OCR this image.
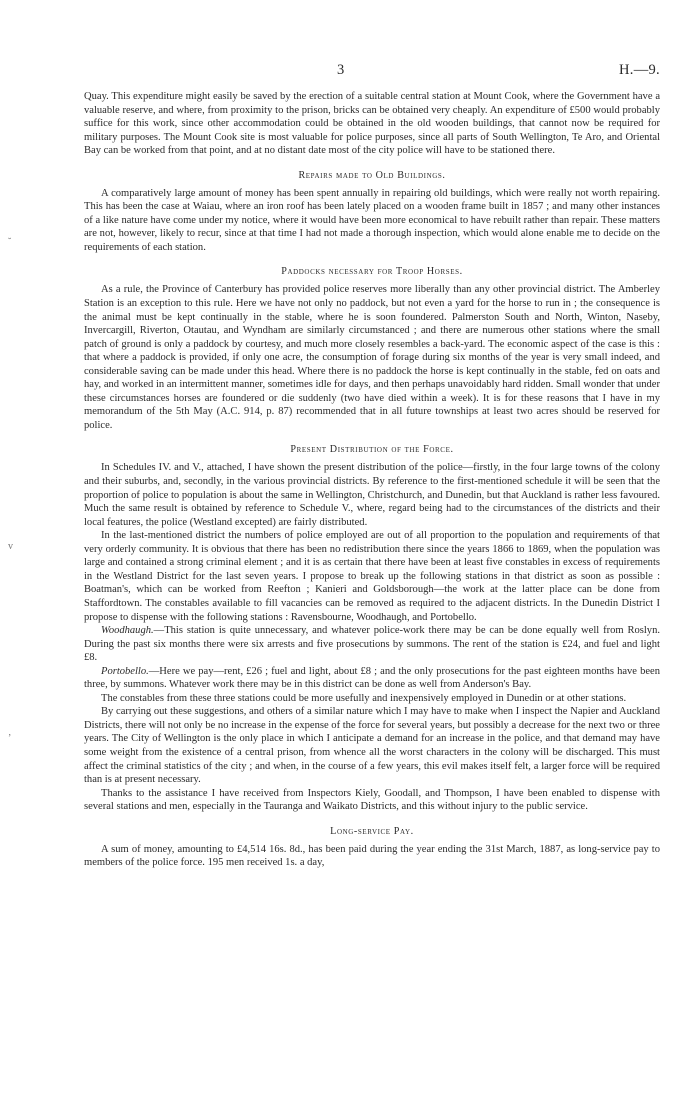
3	H.—9.

Quay. This expenditure might easily be saved by the erection of a suitable central station at Mount Cook, where the Government have a valuable reserve, and where, from proximity to the prison, bricks can be obtained very cheaply. An expenditure of £500 would probably suffice for this work, since other accommodation could be obtained in the old wooden buildings, that cannot now be required for military purposes. The Mount Cook site is most valuable for police purposes, since all parts of South Wellington, Te Aro, and Oriental Bay can be worked from that point, and at no distant date most of the city police will have to be stationed there.

Repairs made to Old Buildings.

A comparatively large amount of money has been spent annually in repairing old buildings, which were really not worth repairing. This has been the case at Waiau, where an iron roof has been lately placed on a wooden frame built in 1857 ; and many other instances of a like nature have come under my notice, where it would have been more economical to have rebuilt rather than repair. These matters are not, however, likely to recur, since at that time I had not made a thorough inspection, which would alone enable me to decide on the requirements of each station.

Paddocks necessary for Troop Horses.

As a rule, the Province of Canterbury has provided police reserves more liberally than any other provincial district. The Amberley Station is an exception to this rule. Here we have not only no paddock, but not even a yard for the horse to run in ; the consequence is the animal must be kept continually in the stable, where he is soon foundered. Palmerston South and North, Winton, Naseby, Invercargill, Riverton, Otautau, and Wyndham are similarly circumstanced ; and there are numerous other stations where the small patch of ground is only a paddock by courtesy, and much more closely resembles a back-yard. The economic aspect of the case is this : that where a paddock is provided, if only one acre, the consumption of forage during six months of the year is very small indeed, and considerable saving can be made under this head. Where there is no paddock the horse is kept continually in the stable, fed on oats and hay, and worked in an intermittent manner, sometimes idle for days, and then perhaps unavoidably hard ridden. Small wonder that under these circumstances horses are foundered or die suddenly (two have died within a week). It is for these reasons that I have in my memorandum of the 5th May (A.C. 914, p. 87) recommended that in all future townships at least two acres should be reserved for police.

Present Distribution of the Force.

In Schedules IV. and V., attached, I have shown the present distribution of the police—firstly, in the four large towns of the colony and their suburbs, and, secondly, in the various provincial districts. By reference to the first-mentioned schedule it will be seen that the proportion of police to population is about the same in Wellington, Christchurch, and Dunedin, but that Auckland is rather less favoured. Much the same result is obtained by reference to Schedule V., where, regard being had to the circumstances of the districts and their local features, the police (Westland excepted) are fairly distributed.

In the last-mentioned district the numbers of police employed are out of all proportion to the population and requirements of that very orderly community. It is obvious that there has been no redistribution there since the years 1866 to 1869, when the population was large and contained a strong criminal element ; and it is as certain that there have been at least five constables in excess of requirements in the Westland District for the last seven years. I propose to break up the following stations in that district as soon as possible : Boatman's, which can be worked from Reefton ; Kanieri and Goldsborough—the work at the latter place can be done from Staffordtown. The constables available to fill vacancies can be removed as required to the adjacent districts. In the Dunedin District I propose to dispense with the following stations : Ravensbourne, Woodhaugh, and Portobello.

Woodhaugh.—This station is quite unnecessary, and whatever police-work there may be can be done equally well from Roslyn. During the past six months there were six arrests and five prosecutions by summons. The rent of the station is £24, and fuel and light £8.

Portobello.—Here we pay—rent, £26 ; fuel and light, about £8 ; and the only prosecutions for the past eighteen months have been three, by summons. Whatever work there may be in this district can be done as well from Anderson's Bay.

The constables from these three stations could be more usefully and inexpensively employed in Dunedin or at other stations.

By carrying out these suggestions, and others of a similar nature which I may have to make when I inspect the Napier and Auckland Districts, there will not only be no increase in the expense of the force for several years, but possibly a decrease for the next two or three years. The City of Wellington is the only place in which I anticipate a demand for an increase in the police, and that demand may have some weight from the existence of a central prison, from whence all the worst characters in the colony will be discharged. This must affect the criminal statistics of the city ; and when, in the course of a few years, this evil makes itself felt, a larger force will be required than is at present necessary.

Thanks to the assistance I have received from Inspectors Kiely, Goodall, and Thompson, I have been enabled to dispense with several stations and men, especially in the Tauranga and Waikato Districts, and this without injury to the public service.

Long-service Pay.

A sum of money, amounting to £4,514 16s. 8d., has been paid during the year ending the 31st March, 1887, as long-service pay to members of the police force. 195 men received 1s. a day,

˘
v
‚
